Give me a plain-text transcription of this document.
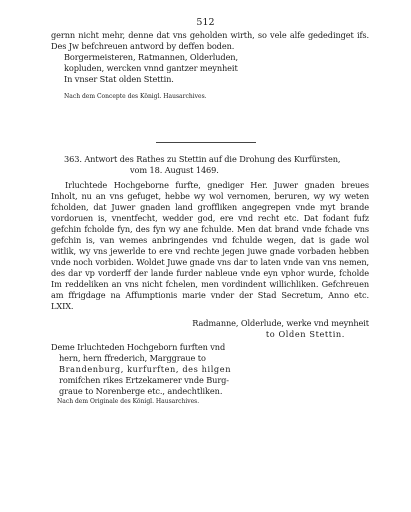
512
gernn nicht mehr, denne dat vns geholden wirth, so vele alfe gededinget ifs. Des Jw befchreuen antword by deffen boden.
Borgermeisteren, Ratmannen, Olderluden,
kopluden, wercken vnnd gantzer meynheit
In vnser Stat olden Stettin.
Nach dem Concepte des Königl. Hausarchives.
363. Antwort des Rathes zu Stettin auf die Drohung des Kurfürsten,
vom 18. August 1469.
Irluchtede Hochgeborne furfte, gnediger Her. Juwer gnaden breues Inholt, nu an vns gefuget, hebbe wy wol vernomen, beruren, wy wy weten fcholden, dat Juwer gnaden land groffliken angegrepen vnde myt brande vordoruen is, vnentfecht, wedder god, ere vnd recht etc. Dat fodant fufz gefchin fcholde fyn, des fyn wy ane fchulde. Men dat brand vnde fchade vns gefchin is, van wemes anbringendes vnd fchulde wegen, dat is gade wol witlik, wy vns jewerlde to ere vnd rechte jegen juwe gnade vorbaden hebben vnde noch vorbiden. Woldet Juwe gnade vns dar to laten vnde van vns nemen, des dar vp vorderff der lande furder nableue vnde eyn vphor wurde, fcholde Im reddeliken an vns nicht fchelen, men vordindent willichliken. Gefchreuen am ffrigdage na Affumptionis marie vnder der Stad Secretum, Anno etc. LXIX.
Radmanne, Olderlude, werke vnd meynheit
to Olden Stettin.
Deme Irluchteden Hochgeborn furften vnd
hern, hern ffrederich, Marggraue to
Brandenburg, kurfurften, des hilgen
romifchen rikes Ertzekamerer vnde Burg-
graue to Norenberge etc., andechtliken.
Nach dem Originale des Königl. Hausarchives.
